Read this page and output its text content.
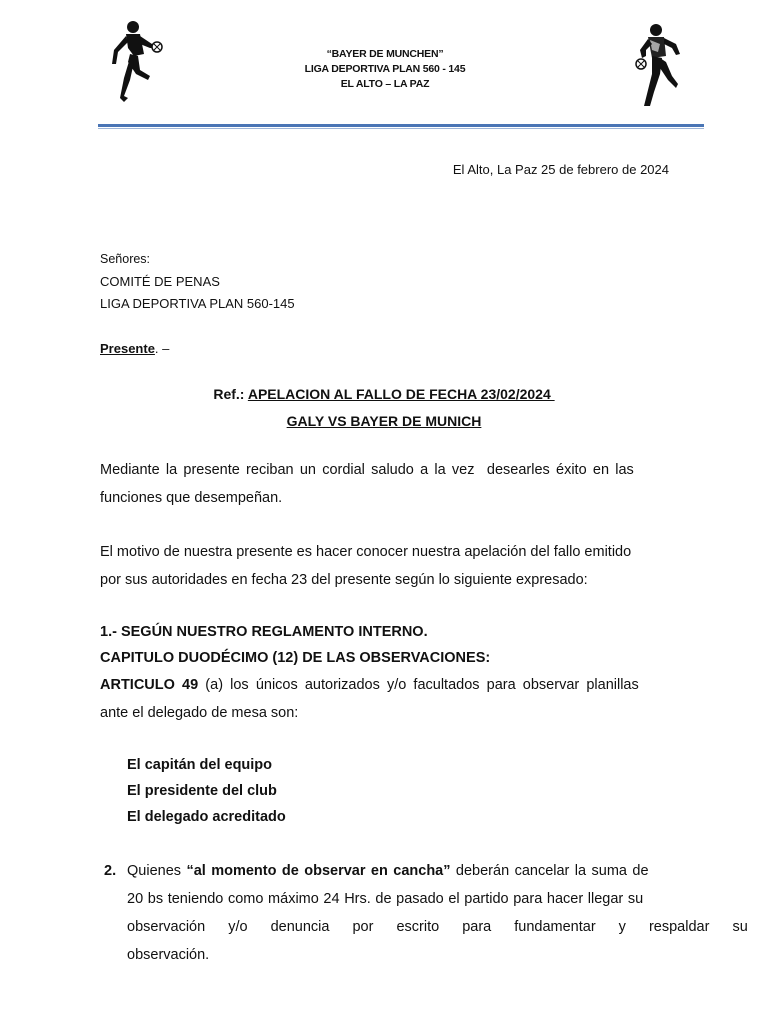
“BAYER DE MUNCHEN”
LIGA DEPORTIVA PLAN 560 - 145
EL ALTO – LA PAZ
El Alto, La Paz 25 de febrero de 2024
Señores:
COMITÉ DE PENAS
LIGA DEPORTIVA PLAN 560-145
Presente. –
Ref.: APELACION AL FALLO DE FECHA 23/02/2024
GALY VS BAYER DE MUNICH
Mediante la presente reciban un cordial saludo a la vez  desearles éxito en las
funciones que desempeñan.
El motivo de nuestra presente es hacer conocer nuestra apelación del fallo emitido
por sus autoridades en fecha 23 del presente según lo siguiente expresado:
1.- SEGÚN NUESTRO REGLAMENTO INTERNO.
CAPITULO DUODÉCIMO (12) DE LAS OBSERVACIONES:
ARTICULO 49 (a) los únicos autorizados y/o facultados para observar planillas
ante el delegado de mesa son:
El capitán del equipo
El presidente del club
El delegado acreditado
2. Quienes “al momento de observar en cancha” deberán cancelar la suma de
20 bs teniendo como máximo 24 Hrs. de pasado el partido para hacer llegar su
observación y/o denuncia por escrito para fundamentar y respaldar su
observación.
